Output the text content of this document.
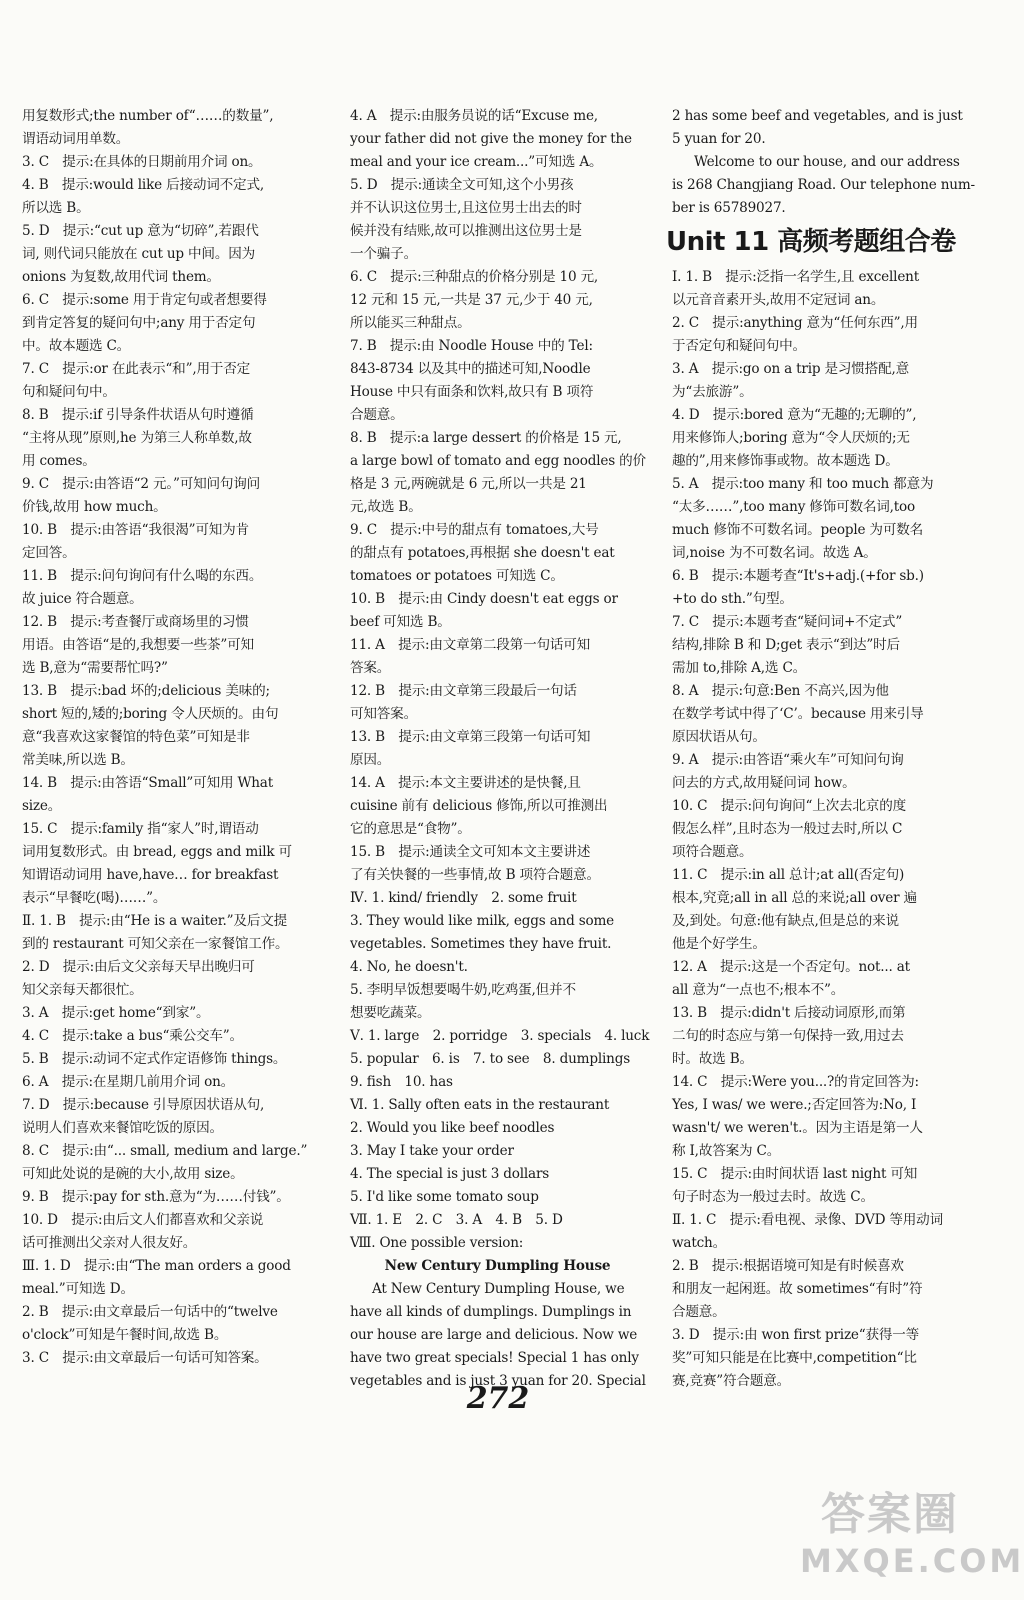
用复数形式;the number of“……的数量”,
谓语动词用单数。
3. C　提示:在具体的日期前用介词 on。
4. B　提示:would like 后接动词不定式,
所以选 B。
5. D　提示:“cut up 意为“切碎”,若跟代
词, 则代词只能放在 cut up 中间。因为
onions 为复数,故用代词 them。
6. C　提示:some 用于肯定句或者想要得
到肯定答复的疑问句中;any 用于否定句
中。故本题选 C。
7. C　提示:or 在此表示“和”,用于否定
句和疑问句中。
8. B　提示:if 引导条件状语从句时遵循
“主将从现”原则,he 为第三人称单数,故
用 comes。
9. C　提示:由答语“2 元。”可知问句询问
价钱,故用 how much。
10. B　提示:由答语“我很渴”可知为肯
定回答。
11. B　提示:问句询问有什么喝的东西。
故 juice 符合题意。
12. B　提示:考查餐厅或商场里的习惯
用语。由答语“是的,我想要一些茶”可知
选 B,意为“需要帮忙吗?”
13. B　提示:bad 坏的;delicious 美味的;
short 短的,矮的;boring 令人厌烦的。由句
意“我喜欢这家餐馆的特色菜”可知是非
常美味,所以选 B。
14. B　提示:由答语“Small”可知用 What
size。
15. C　提示:family 指“家人”时,谓语动
词用复数形式。由 bread, eggs and milk 可
知谓语动词用 have,have… for breakfast
表示“早餐吃(喝)……”。
Ⅱ. 1. B　提示:由“He is a waiter.”及后文提
到的 restaurant 可知父亲在一家餐馆工作。
2. D　提示:由后文父亲每天早出晚归可
知父亲每天都很忙。
3. A　提示:get home“到家”。
4. C　提示:take a bus“乘公交车”。
5. B　提示:动词不定式作定语修饰 things。
6. A　提示:在星期几前用介词 on。
7. D　提示:because 引导原因状语从句,
说明人们喜欢来餐馆吃饭的原因。
8. C　提示:由“... small, medium and large.”
可知此处说的是碗的大小,故用 size。
9. B　提示:pay for sth.意为“为……付钱”。
10. D　提示:由后文人们都喜欢和父亲说
话可推测出父亲对人很友好。
Ⅲ. 1. D　提示:由“The man orders a good
meal.”可知选 D。
2. B　提示:由文章最后一句话中的“twelve
o'clock”可知是午餐时间,故选 B。
3. C　提示:由文章最后一句话可知答案。
4. A　提示:由服务员说的话“Excuse me,
your father did not give the money for the
meal and your ice cream...”可知选 A。
5. D　提示:通读全文可知,这个小男孩
并不认识这位男士,且这位男士出去的时
候并没有结账,故可以推测出这位男士是
一个骗子。
6. C　提示:三种甜点的价格分别是 10 元,
12 元和 15 元,一共是 37 元,少于 40 元,
所以能买三种甜点。
7. B　提示:由 Noodle House 中的 Tel:
843-8734 以及其中的描述可知,Noodle
House 中只有面条和饮料,故只有 B 项符
合题意。
8. B　提示:a large dessert 的价格是 15 元,
a large bowl of tomato and egg noodles 的价
格是 3 元,两碗就是 6 元,所以一共是 21
元,故选 B。
9. C　提示:中号的甜点有 tomatoes,大号
的甜点有 potatoes,再根据 she doesn't eat
tomatoes or potatoes 可知选 C。
10. B　提示:由 Cindy doesn't eat eggs or
beef 可知选 B。
11. A　提示:由文章第二段第一句话可知
答案。
12. B　提示:由文章第三段最后一句话
可知答案。
13. B　提示:由文章第三段第一句话可知
原因。
14. A　提示:本文主要讲述的是快餐,且
cuisine 前有 delicious 修饰,所以可推测出
它的意思是“食物”。
15. B　提示:通读全文可知本文主要讲述
了有关快餐的一些事情,故 B 项符合题意。
Ⅳ. 1. kind/ friendly　2. some fruit
3. They would like milk, eggs and some
vegetables. Sometimes they have fruit.
4. No, he doesn't.
5. 李明早饭想要喝牛奶,吃鸡蛋,但并不
想要吃蔬菜。
Ⅴ. 1. large　2. porridge　3. specials　4. luck
5. popular　6. is　7. to see　8. dumplings
9. fish　10. has
Ⅵ. 1. Sally often eats in the restaurant
2. Would you like beef noodles
3. May I take your order
4. The special is just 3 dollars
5. I'd like some tomato soup
Ⅶ. 1. E　2. C　3. A　4. B　5. D
Ⅷ. One possible version:
New Century Dumpling House
At New Century Dumpling House, we
have all kinds of dumplings. Dumplings in
our house are large and delicious. Now we
have two great specials! Special 1 has only
vegetables and is just 3 yuan for 20. Special
2 has some beef and vegetables, and is just
5 yuan for 20.
Welcome to our house, and our address
is 268 Changjiang Road. Our telephone num-
ber is 65789027.
Unit 11 高频考题组合卷
Ⅰ. 1. B　提示:泛指一名学生,且 excellent
以元音音素开头,故用不定冠词 an。
2. C　提示:anything 意为“任何东西”,用
于否定句和疑问句中。
3. A　提示:go on a trip 是习惯搭配,意
为“去旅游”。
4. D　提示:bored 意为“无趣的;无聊的”,
用来修饰人;boring 意为“令人厌烦的;无
趣的”,用来修饰事或物。故本题选 D。
5. A　提示:too many 和 too much 都意为
“太多……”,too many 修饰可数名词,too
much 修饰不可数名词。people 为可数名
词,noise 为不可数名词。故选 A。
6. B　提示:本题考查“It's+adj.(+for sb.)
+to do sth.”句型。
7. C　提示:本题考查“疑问词+不定式”
结构,排除 B 和 D;get 表示“到达”时后
需加 to,排除 A,选 C。
8. A　提示:句意:Ben 不高兴,因为他
在数学考试中得了‘C’。because 用来引导
原因状语从句。
9. A　提示:由答语“乘火车”可知问句询
问去的方式,故用疑问词 how。
10. C　提示:问句询问“上次去北京的度
假怎么样”,且时态为一般过去时,所以 C
项符合题意。
11. C　提示:in all 总计;at all(否定句)
根本,究竟;all in all 总的来说;all over 遍
及,到处。句意:他有缺点,但是总的来说
他是个好学生。
12. A　提示:这是一个否定句。not... at
all 意为“一点也不;根本不”。
13. B　提示:didn't 后接动词原形,而第
二句的时态应与第一句保持一致,用过去
时。故选 B。
14. C　提示:Were you...?的肯定回答为:
Yes, I was/ we were.;否定回答为:No, I
wasn't/ we weren't.。因为主语是第一人
称 I,故答案为 C。
15. C　提示:由时间状语 last night 可知
句子时态为一般过去时。故选 C。
Ⅱ. 1. C　提示:看电视、录像、DVD 等用动词
watch。
2. B　提示:根据语境可知是有时候喜欢
和朋友一起闲逛。故 sometimes“有时”符
合题意。
3. D　提示:由 won first prize“获得一等
奖”可知只能是在比赛中,competition“比
赛,竞赛”符合题意。
272
答案圈
MXQE.COM
